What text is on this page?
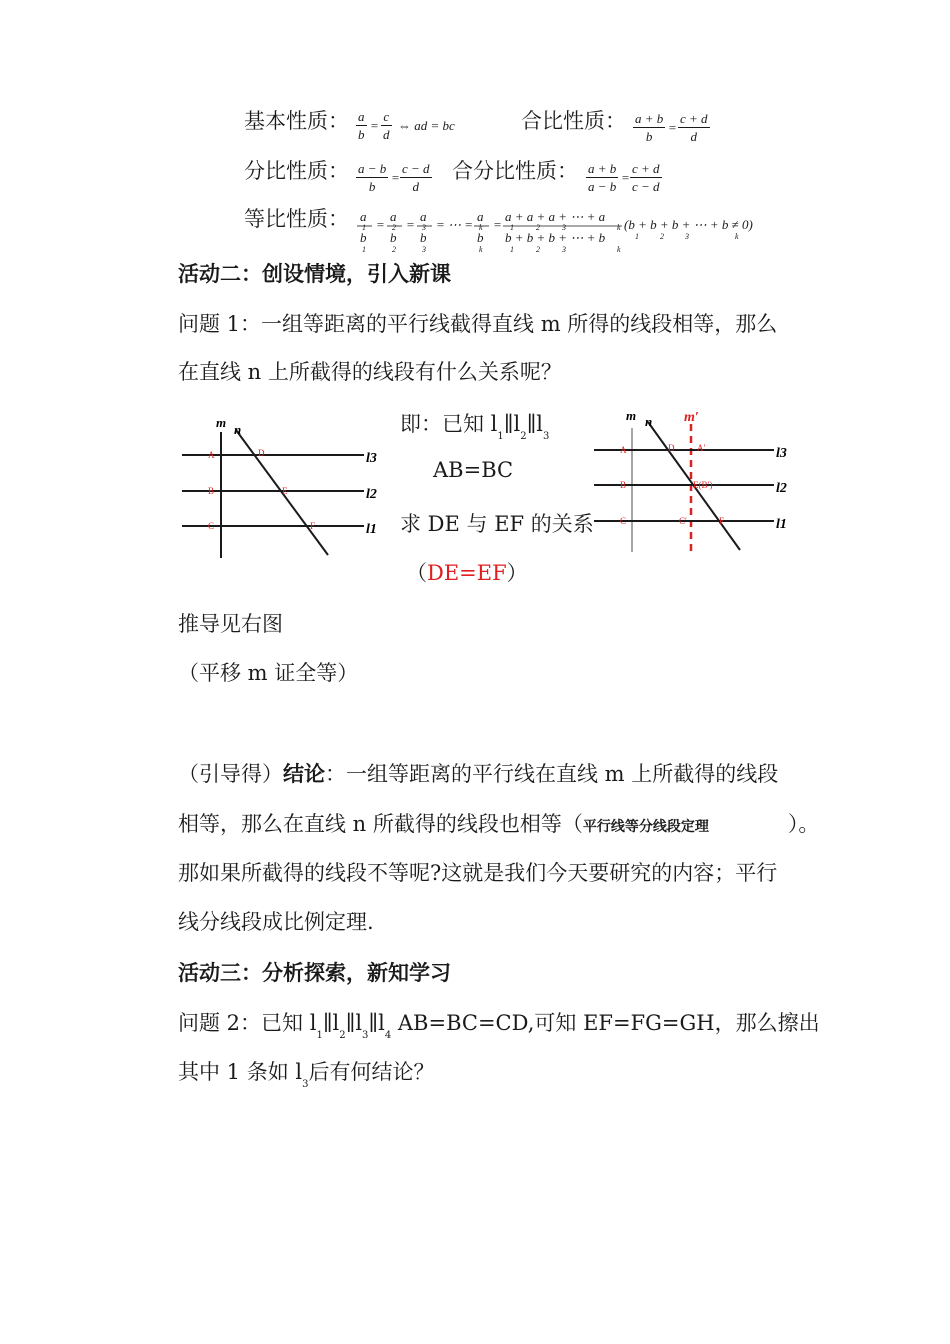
基本性质： $\frac{a}{b} = \frac{c}{d}$ ⇔ ad = bc	合比性质： $\frac{a + b}{b} = \frac{c + d}{d}$
分比性质： $\frac{a - b}{b} = \frac{c - d}{d}$ 合分比性质： $\frac{a + b}{a - b} = \frac{c + d}{c - d}$
等比性质： a
1
b
1
=
a
2
b
2
=
a
3
b
3
= ⋯ =
a
k
b
k
=
a + a + a + ⋯ + a
1	2	3	k
b + b + b + ⋯ + b
1	2	3	k
(b + b + b + ⋯ + b ≠ 0)
1	2	3	k
活动二：创设情境，引入新课
问题 1：一组等距离的平行线截得直线 m 所得的线段相等，那么
在直线 n 上所截得的线段有什么关系呢？
m n
l3
l2
l1
A
B
C
D
E
F
即：已知 $l_1\parallel l_2\parallel l_3$
AB=BC
求 DE 与 EF 的关系
（DE=EF）
m n m′
l3
l2
l1
A
B
C
D	A′
E(B′)
C′	F
推导见右图
（平移 m 证全等）
（引导得）结论：一组等距离的平行线在直线 m 上所截得的线段
相等，那么在直线 n 所截得的线段也相等（平行线等分线段定理	）。
那如果所截得的线段不等呢?这就是我们今天要研究的内容；平行
线分线段成比例定理.
活动三：分析探索，新知学习
问题 2：已知 $l_1\parallel l_2\parallel l_3\parallel l_4$ AB=BC=CD,可知 EF=FG=GH，那么擦出
其中 1 条如 $l_3$后有何结论？
